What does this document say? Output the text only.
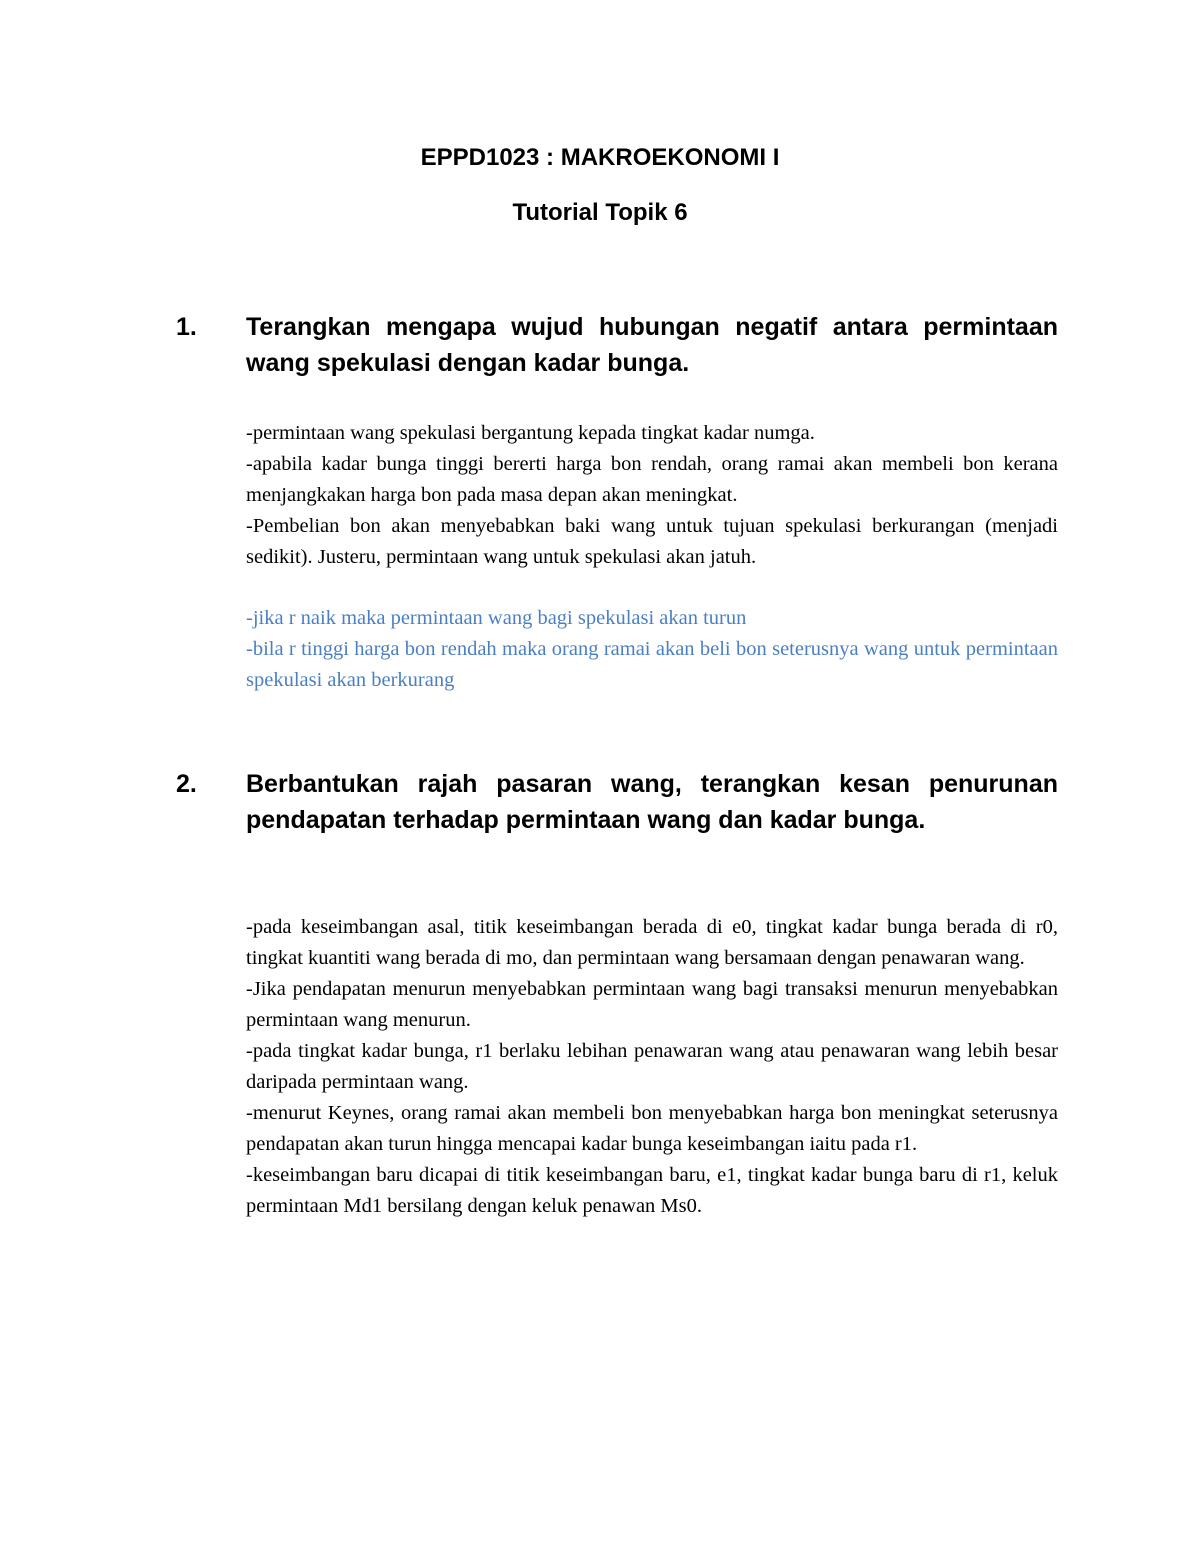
EPPD1023 : MAKROEKONOMI I
Tutorial Topik 6
1. Terangkan mengapa wujud hubungan negatif antara permintaan wang spekulasi dengan kadar bunga.

-permintaan wang spekulasi bergantung kepada tingkat kadar numga.

-apabila kadar bunga tinggi bererti harga bon rendah, orang ramai akan membeli bon kerana menjangkakan harga bon pada masa depan akan meningkat.

-Pembelian bon akan menyebabkan baki wang untuk tujuan spekulasi berkurangan (menjadi sedikit). Justeru, permintaan wang untuk spekulasi akan jatuh.

-jika r naik maka permintaan wang bagi spekulasi akan turun

-bila r tinggi harga bon rendah maka orang ramai akan beli bon seterusnya wang untuk permintaan spekulasi akan berkurang

2. Berbantukan rajah pasaran wang, terangkan kesan penurunan pendapatan terhadap permintaan wang dan kadar bunga.

-pada keseimbangan asal, titik keseimbangan berada di e0, tingkat kadar bunga berada di r0, tingkat kuantiti wang berada di mo, dan permintaan wang bersamaan dengan penawaran wang.

-Jika pendapatan menurun menyebabkan permintaan wang bagi transaksi menurun menyebabkan permintaan wang menurun.

-pada tingkat kadar bunga, r1 berlaku lebihan penawaran wang atau penawaran wang lebih besar daripada permintaan wang.

-menurut Keynes, orang ramai akan membeli bon menyebabkan harga bon meningkat seterusnya pendapatan akan turun hingga mencapai kadar bunga keseimbangan iaitu pada r1.

-keseimbangan baru dicapai di titik keseimbangan baru, e1, tingkat kadar bunga baru di r1, keluk permintaan Md1 bersilang dengan keluk penawan Ms0.
